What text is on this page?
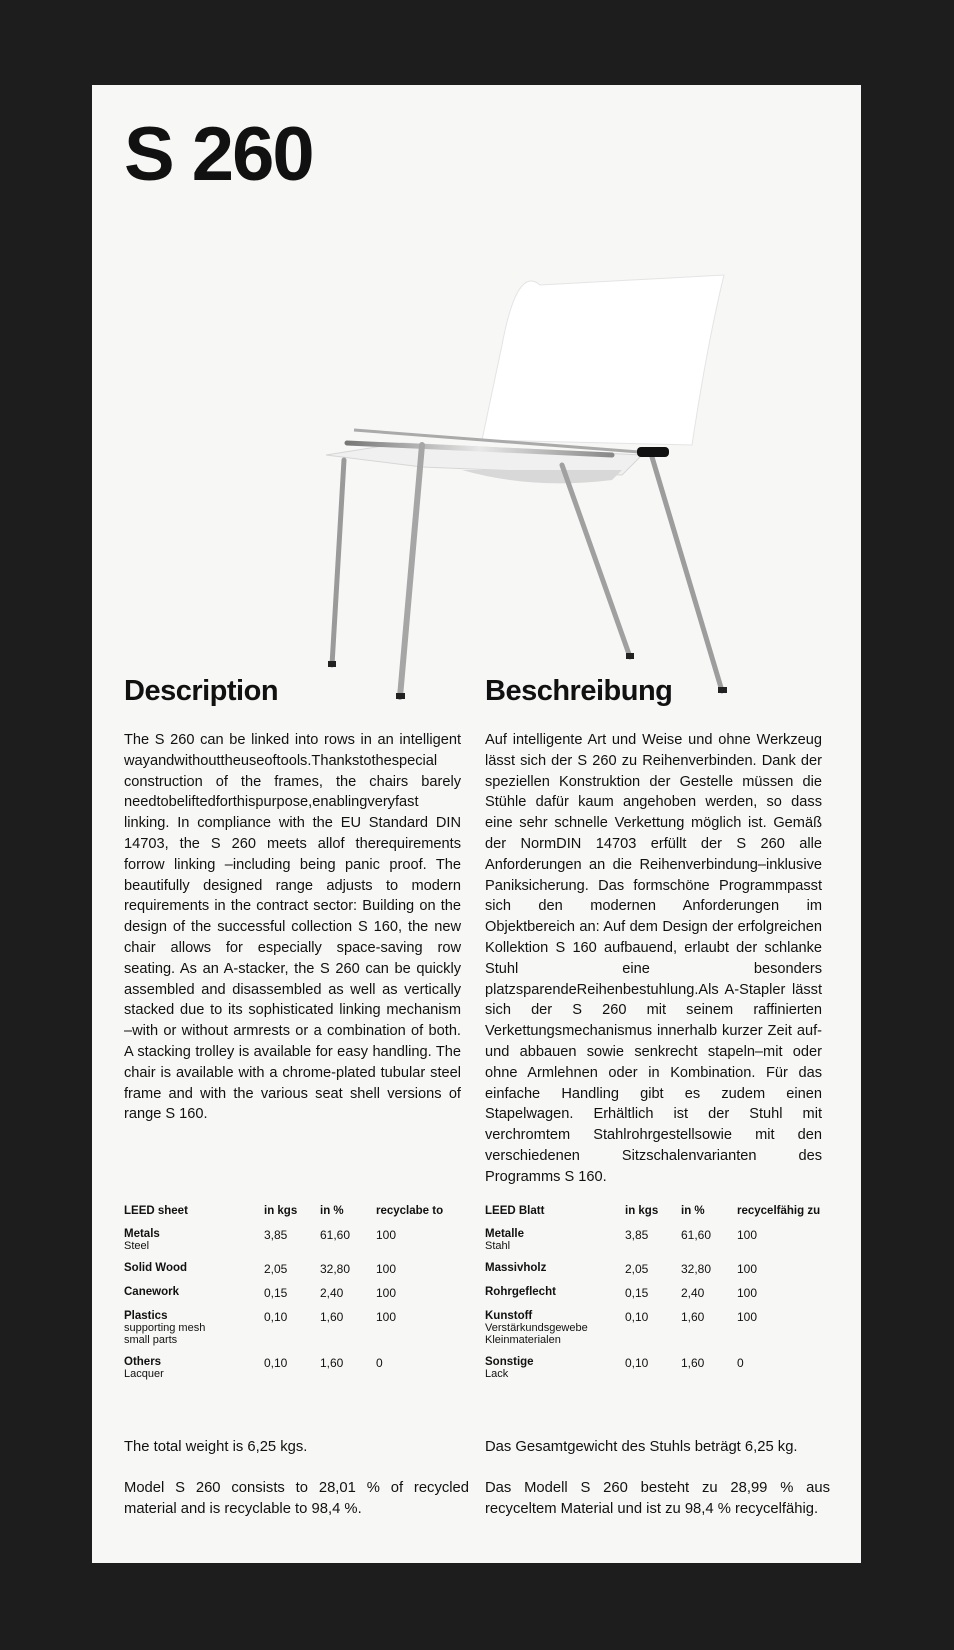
S 260
Description

The S 260 can be linked into rows in an intelligent wayandwithouttheuseoftools.Thankstothespecial construction of the frames, the chairs barely needtobeliftedforthispurpose,enablingveryfast linking. In compliance with the EU Standard DIN 14703, the S 260 meets allof therequirements forrow linking –including being panic proof. The beautifully designed range adjusts to modern requirements in the contract sector: Building on the design of the successful collection S 160, the new chair allows for especially space-saving row seating. As an A-stacker, the S 260 can be quickly assembled and disassembled as well as vertically stacked due to its sophisticated linking mechanism –with or without armrests or a combination of both. A stacking trolley is available for easy handling. The chair is available with a chrome-plated tubular steel frame and with the various seat shell versions of range S 160.

Beschreibung

Auf intelligente Art und Weise und ohne Werkzeug lässt sich der S 260 zu Reihenverbinden. Dank der speziellen Konstruktion der Gestelle müssen die Stühle dafür kaum angehoben werden, so dass eine sehr schnelle Verkettung möglich ist. Gemäß der NormDIN 14703 erfüllt der S 260 alle Anforderungen an die Reihenverbindung–inklusive Paniksicherung. Das formschöne Programmpasst sich den modernen Anforderungen im Objektbereich an: Auf dem Design der erfolgreichen Kollektion S 160 aufbauend, erlaubt der schlanke Stuhl eine besonders platzsparendeReihenbestuhlung.Als A-Stapler lässt sich der S 260 mit seinem raffinierten Verkettungsmechanismus innerhalb kurzer Zeit auf-und abbauen sowie senkrecht stapeln–mit oder ohne Armlehnen oder in Kombination. Für das einfache Handling gibt es zudem einen Stapelwagen. Erhältlich ist der Stuhl mit verchromtem Stahlrohrgestellsowie mit den verschiedenen Sitzschalenvarianten des Programms S 160.

LEED sheet	in kgs	in %	recyclabe to

Metals
Steel	3,85	61,60	100

Solid Wood	2,05	32,80	100

Canework	0,15	2,40	100

Plastics
supporting mesh
small parts	0,10	1,60	100

Others
Lacquer	0,10	1,60	0
LEED Blatt	in kgs	in %	recycelfähig zu

Metalle
Stahl	3,85	61,60	100

Massivholz	2,05	32,80	100

Rohrgeflecht	0,15	2,40	100

Kunstoff
Verstärkundsgewebe
Kleinmaterialen	0,10	1,60	100

Sonstige
Lack	0,10	1,60	0

The total weight is 6,25 kgs.

Model S 260 consists to 28,01 % of recycled material and is recyclable to 98,4 %.

Das Gesamtgewicht des Stuhls beträgt 6,25 kg.

Das Modell S 260 besteht zu 28,99 % aus recyceltem Material und ist zu 98,4 % recycelfähig.
